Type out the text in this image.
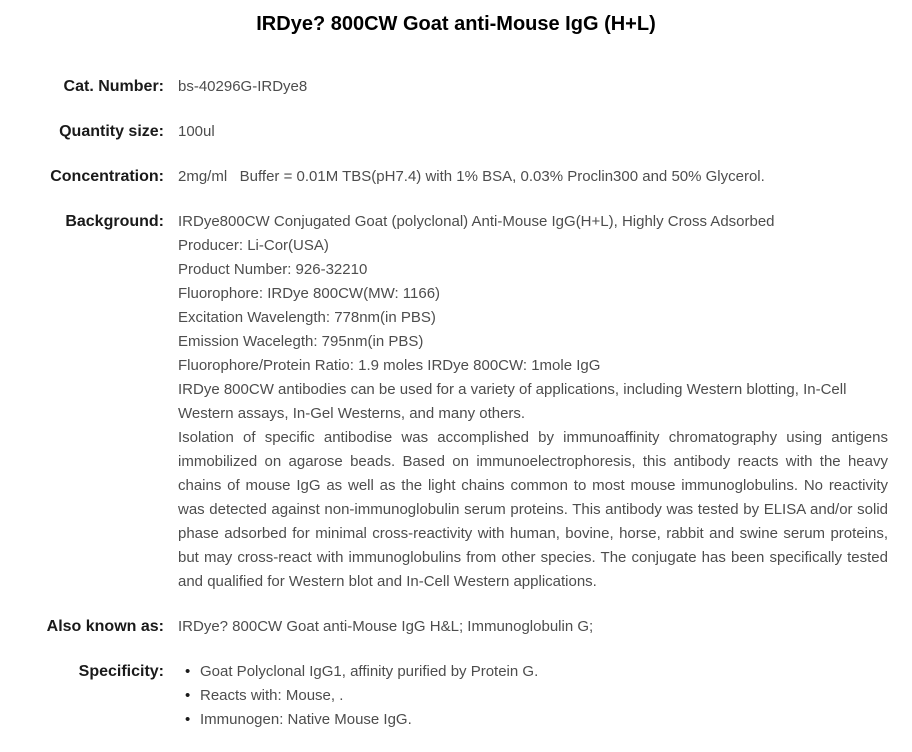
IRDye? 800CW Goat anti-Mouse IgG (H+L)
Cat. Number: bs-40296G-IRDye8
Quantity size: 100ul
Concentration: 2mg/ml   Buffer = 0.01M TBS(pH7.4) with 1% BSA, 0.03% Proclin300 and 50% Glycerol.
Background: IRDye800CW Conjugated Goat (polyclonal) Anti-Mouse IgG(H+L), Highly Cross Adsorbed
Producer: Li-Cor(USA)
Product Number: 926-32210
Fluorophore: IRDye 800CW(MW: 1166)
Excitation Wavelength: 778nm(in PBS)
Emission Wacelegth: 795nm(in PBS)
Fluorophore/Protein Ratio: 1.9 moles IRDye 800CW: 1mole IgG

IRDye 800CW antibodies can be used for a variety of applications, including Western blotting, In-Cell Western assays, In-Gel Westerns, and many others.

Isolation of specific antibodise was accomplished by immunoaffinity chromatography using antigens immobilized on agarose beads. Based on immunoelectrophoresis, this antibody reacts with the heavy chains of mouse IgG as well as the light chains common to most mouse immunoglobulins. No reactivity was detected against non-immunoglobulin serum proteins. This antibody was tested by ELISA and/or solid phase adsorbed for minimal cross-reactivity with human, bovine, horse, rabbit and swine serum proteins, but may cross-react with immunoglobulins from other species. The conjugate has been specifically tested and qualified for Western blot and In-Cell Western applications.

Also known as: IRDye? 800CW Goat anti-Mouse IgG H&L; Immunoglobulin G;
Specificity: • Goat Polyclonal IgG1, affinity purified by Protein G.
• Reacts with: Mouse, .
• Immunogen: Native Mouse IgG.
